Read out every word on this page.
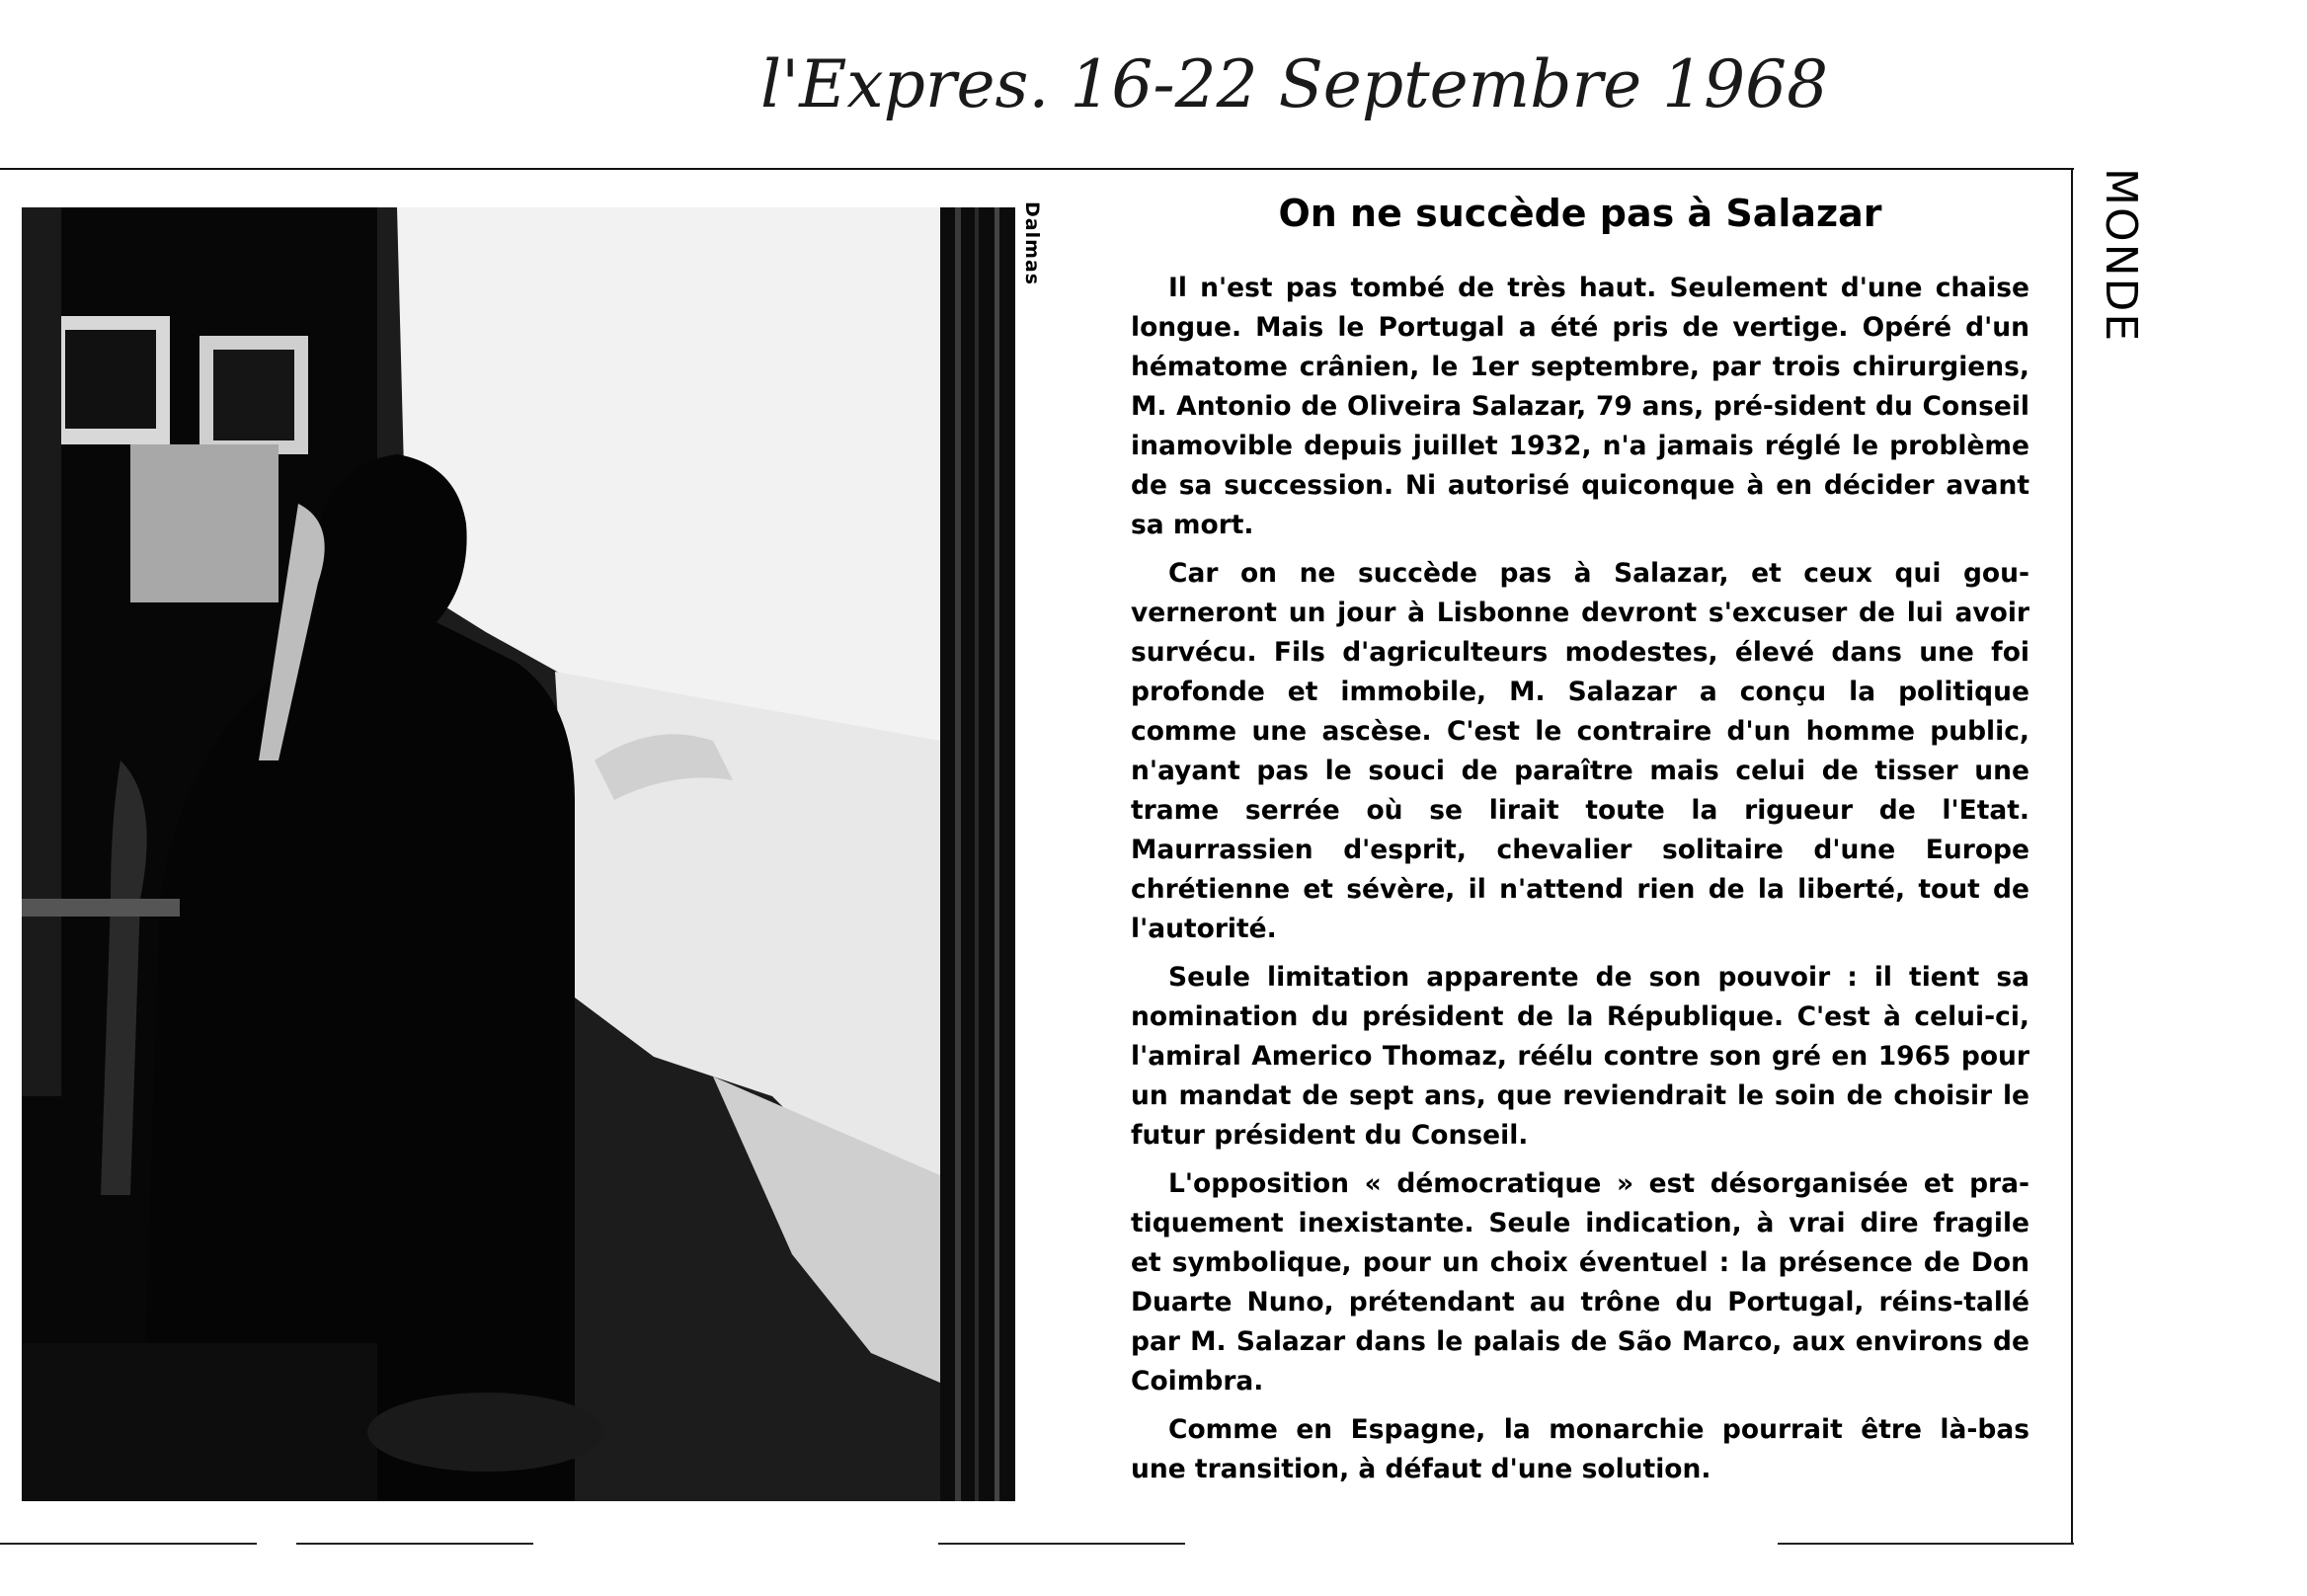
l'Expres. 16-22 Septembre 1968
MONDE
Dalmas	On ne succède pas à Salazar

Il n'est pas tombé de très haut. Seulement d'une chaise longue. Mais le Portugal a été pris de vertige. Opéré d'un hématome crânien, le 1er septembre, par trois chirurgiens, M. Antonio de Oliveira Salazar, 79 ans, pré-sident du Conseil inamovible depuis juillet 1932, n'a jamais réglé le problème de sa succession. Ni autorisé quiconque à en décider avant sa mort.

Car on ne succède pas à Salazar, et ceux qui gou-verneront un jour à Lisbonne devront s'excuser de lui avoir survécu. Fils d'agriculteurs modestes, élevé dans une foi profonde et immobile, M. Salazar a conçu la politique comme une ascèse. C'est le contraire d'un homme public, n'ayant pas le souci de paraître mais celui de tisser une trame serrée où se lirait toute la rigueur de l'Etat. Maurrassien d'esprit, chevalier solitaire d'une Europe chrétienne et sévère, il n'attend rien de la liberté, tout de l'autorité.

Seule limitation apparente de son pouvoir : il tient sa nomination du président de la République. C'est à celui-ci, l'amiral Americo Thomaz, réélu contre son gré en 1965 pour un mandat de sept ans, que reviendrait le soin de choisir le futur président du Conseil.

L'opposition « démocratique » est désorganisée et pra-tiquement inexistante. Seule indication, à vrai dire fragile et symbolique, pour un choix éventuel : la présence de Don Duarte Nuno, prétendant au trône du Portugal, réins-tallé par M. Salazar dans le palais de São Marco, aux environs de Coimbra.

Comme en Espagne, la monarchie pourrait être là-bas une transition, à défaut d'une solution.
